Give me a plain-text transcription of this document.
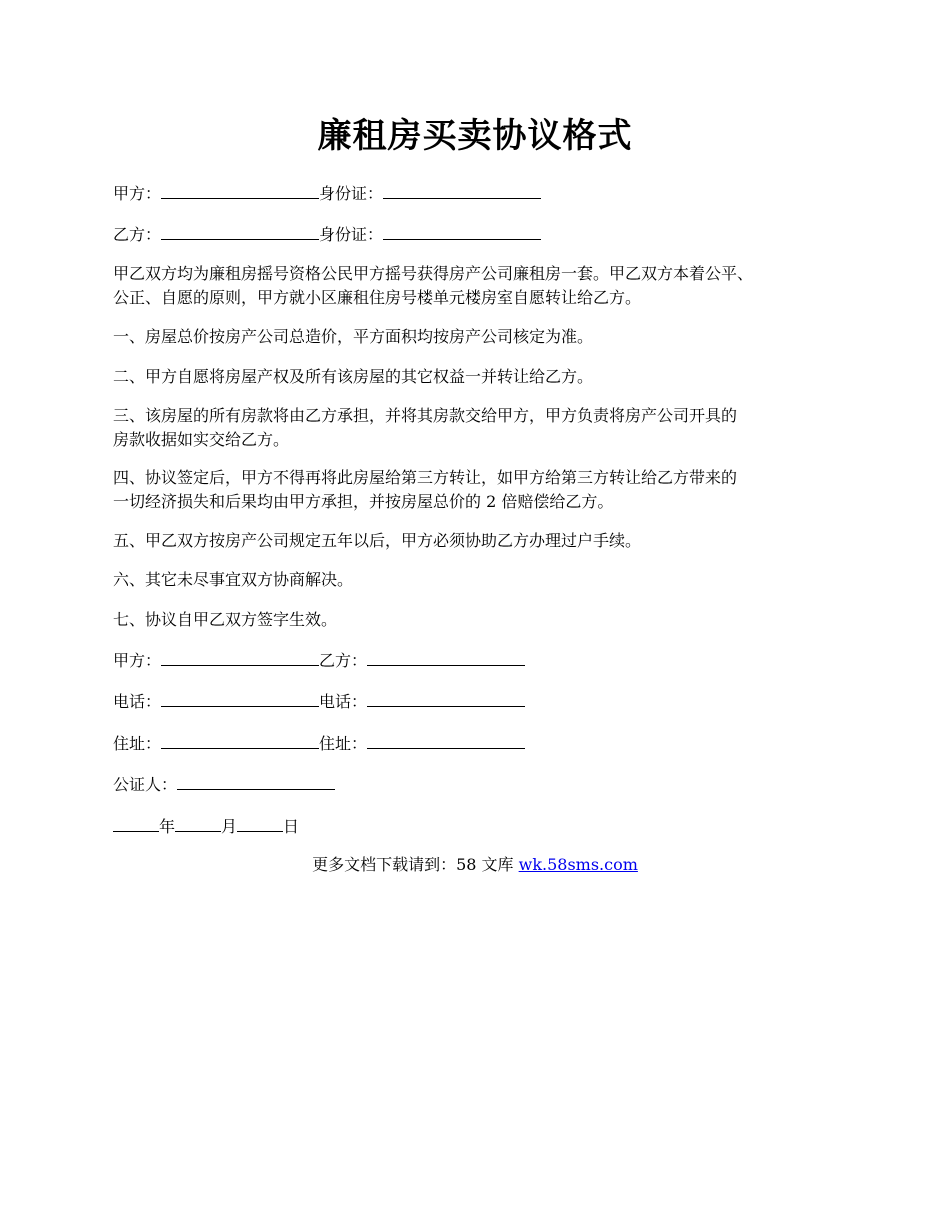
廉租房买卖协议格式
甲方：	身份证：
乙方：	身份证：
甲乙双方均为廉租房摇号资格公民甲方摇号获得房产公司廉租房一套。甲乙双方本着公平、
公正、自愿的原则，甲方就小区廉租住房号楼单元楼房室自愿转让给乙方。
一、房屋总价按房产公司总造价，平方面积均按房产公司核定为准。
二、甲方自愿将房屋产权及所有该房屋的其它权益一并转让给乙方。
三、该房屋的所有房款将由乙方承担，并将其房款交给甲方，甲方负责将房产公司开具的
房款收据如实交给乙方。
四、协议签定后，甲方不得再将此房屋给第三方转让，如甲方给第三方转让给乙方带来的
一切经济损失和后果均由甲方承担，并按房屋总价的 2 倍赔偿给乙方。
五、甲乙双方按房产公司规定五年以后，甲方必须协助乙方办理过户手续。
六、其它未尽事宜双方协商解决。
七、协议自甲乙双方签字生效。
甲方：	乙方：
电话：	电话：
住址：	住址：
公证人：
年	月	日
更多文档下载请到：58 文库 wk.58sms.com
